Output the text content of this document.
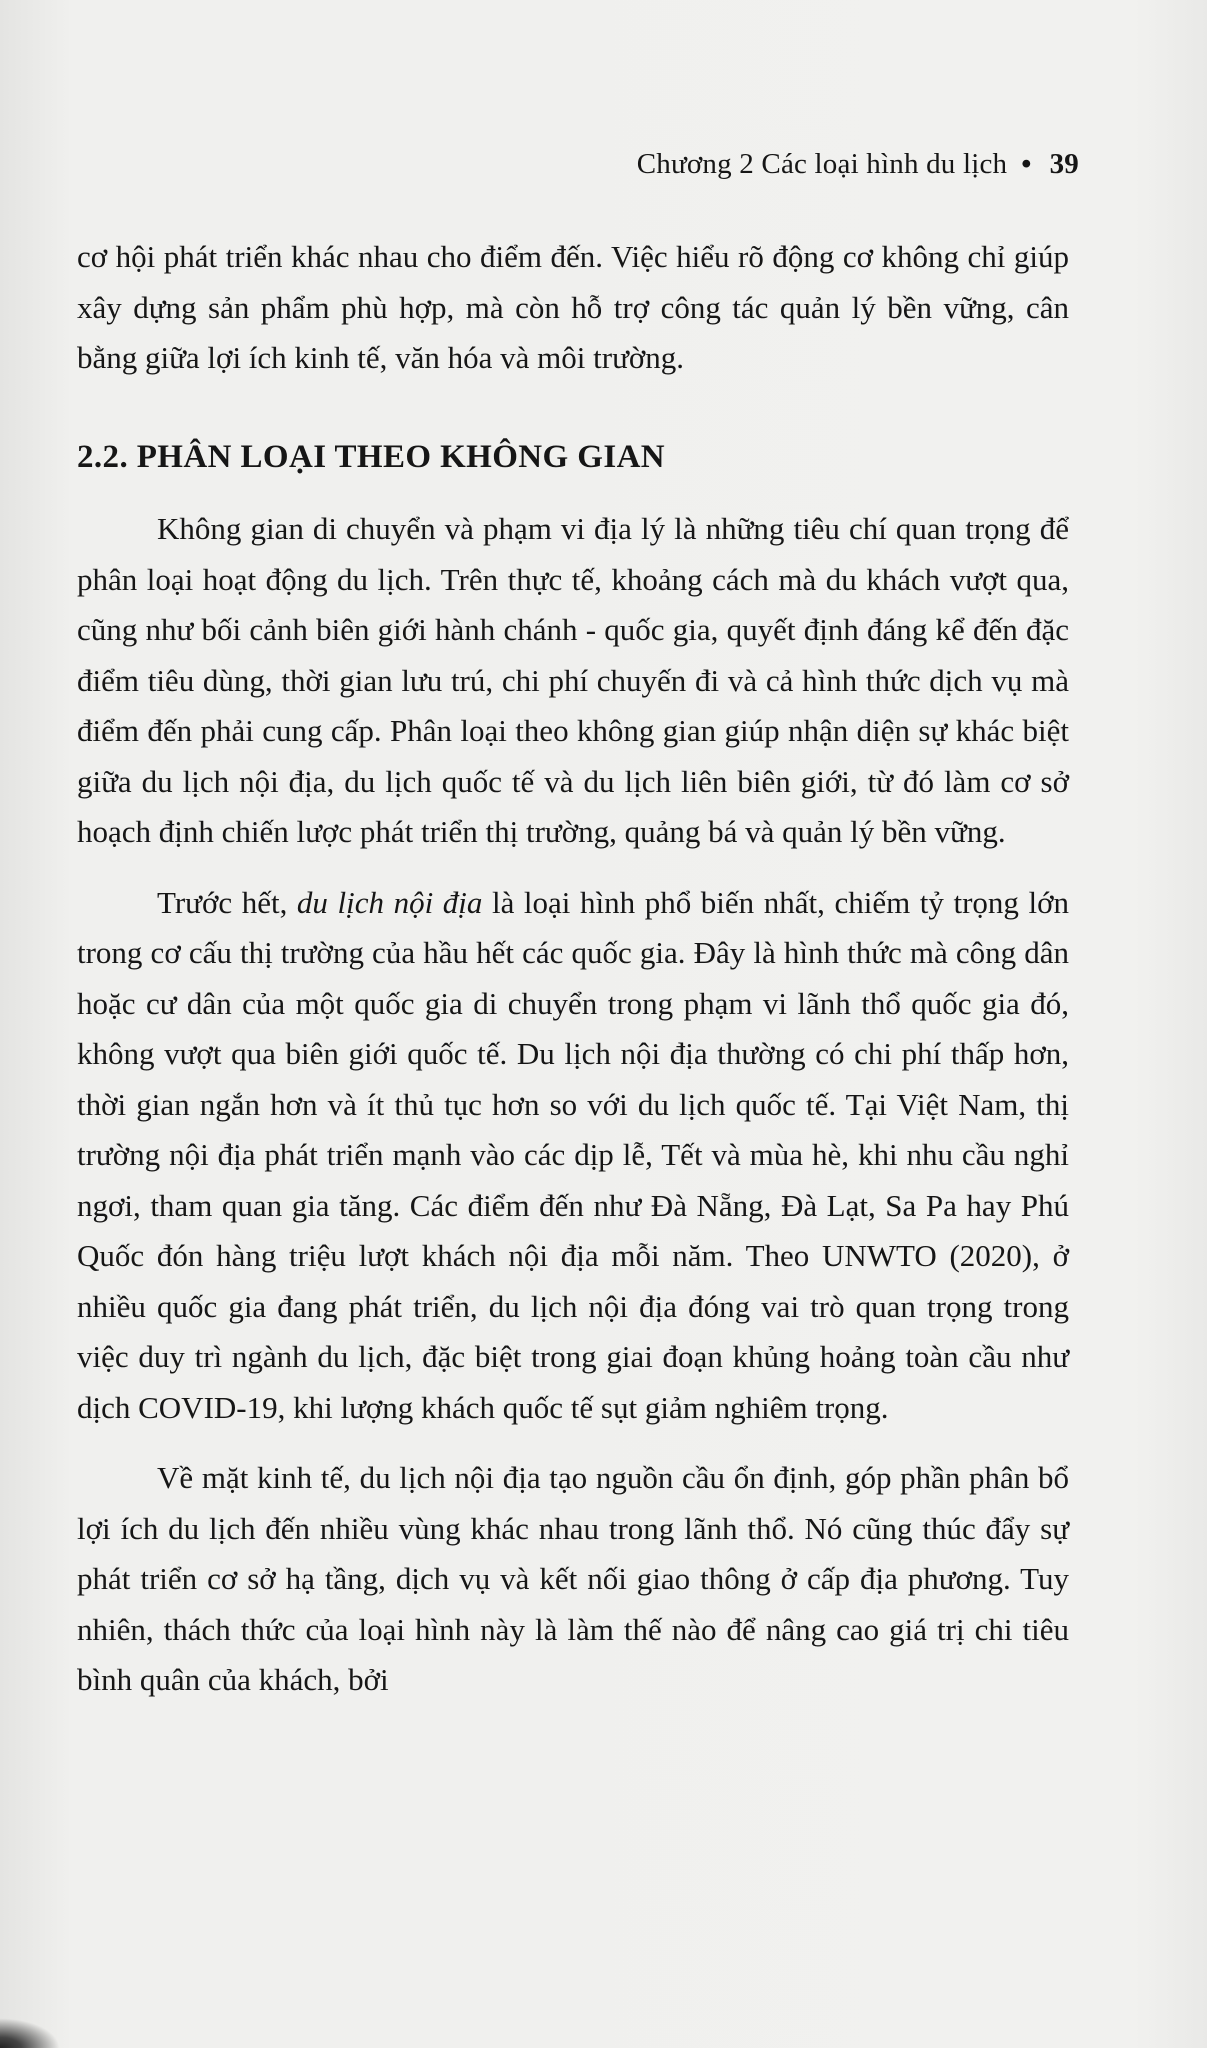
Chương 2 Các loại hình du lịch • 39

cơ hội phát triển khác nhau cho điểm đến. Việc hiểu rõ động cơ không chỉ giúp xây dựng sản phẩm phù hợp, mà còn hỗ trợ công tác quản lý bền vững, cân bằng giữa lợi ích kinh tế, văn hóa và môi trường.

2.2. PHÂN LOẠI THEO KHÔNG GIAN

Không gian di chuyển và phạm vi địa lý là những tiêu chí quan trọng để phân loại hoạt động du lịch. Trên thực tế, khoảng cách mà du khách vượt qua, cũng như bối cảnh biên giới hành chánh - quốc gia, quyết định đáng kể đến đặc điểm tiêu dùng, thời gian lưu trú, chi phí chuyến đi và cả hình thức dịch vụ mà điểm đến phải cung cấp. Phân loại theo không gian giúp nhận diện sự khác biệt giữa du lịch nội địa, du lịch quốc tế và du lịch liên biên giới, từ đó làm cơ sở hoạch định chiến lược phát triển thị trường, quảng bá và quản lý bền vững.

Trước hết, du lịch nội địa là loại hình phổ biến nhất, chiếm tỷ trọng lớn trong cơ cấu thị trường của hầu hết các quốc gia. Đây là hình thức mà công dân hoặc cư dân của một quốc gia di chuyển trong phạm vi lãnh thổ quốc gia đó, không vượt qua biên giới quốc tế. Du lịch nội địa thường có chi phí thấp hơn, thời gian ngắn hơn và ít thủ tục hơn so với du lịch quốc tế. Tại Việt Nam, thị trường nội địa phát triển mạnh vào các dịp lễ, Tết và mùa hè, khi nhu cầu nghỉ ngơi, tham quan gia tăng. Các điểm đến như Đà Nẵng, Đà Lạt, Sa Pa hay Phú Quốc đón hàng triệu lượt khách nội địa mỗi năm. Theo UNWTO (2020), ở nhiều quốc gia đang phát triển, du lịch nội địa đóng vai trò quan trọng trong việc duy trì ngành du lịch, đặc biệt trong giai đoạn khủng hoảng toàn cầu như dịch COVID-19, khi lượng khách quốc tế sụt giảm nghiêm trọng.

Về mặt kinh tế, du lịch nội địa tạo nguồn cầu ổn định, góp phần phân bổ lợi ích du lịch đến nhiều vùng khác nhau trong lãnh thổ. Nó cũng thúc đẩy sự phát triển cơ sở hạ tầng, dịch vụ và kết nối giao thông ở cấp địa phương. Tuy nhiên, thách thức của loại hình này là làm thế nào để nâng cao giá trị chi tiêu bình quân của khách, bởi
